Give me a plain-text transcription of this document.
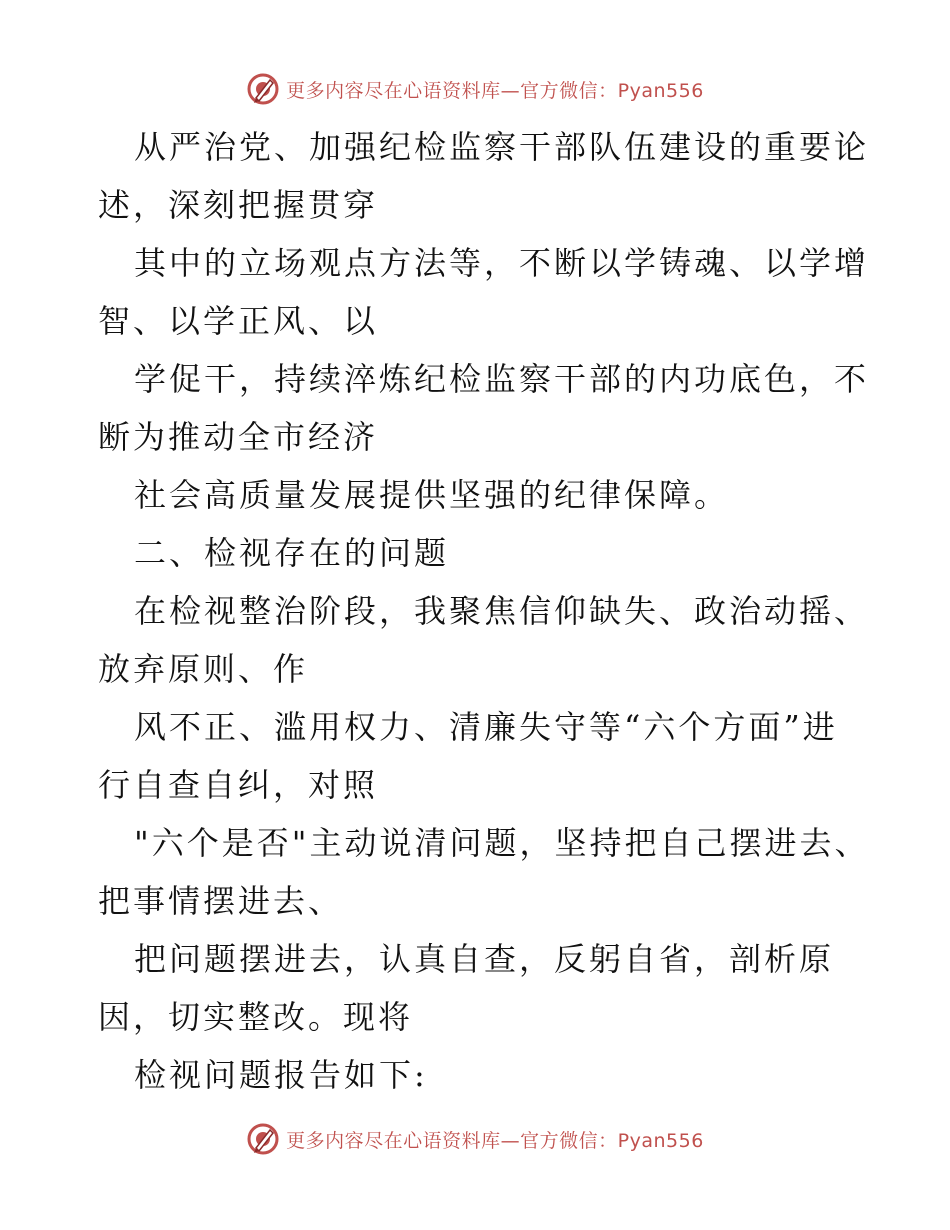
更多内容尽在心语资料库—官方微信：Pyan556
从严治党、加强纪检监察干部队伍建设的重要论
述，深刻把握贯穿
其中的立场观点方法等，不断以学铸魂、以学增
智、以学正风、以
学促干，持续淬炼纪检监察干部的内功底色，不
断为推动全市经济
社会高质量发展提供坚强的纪律保障。
二、检视存在的问题
在检视整治阶段，我聚焦信仰缺失、政治动摇、
放弃原则、作
风不正、滥用权力、清廉失守等“六个方面”进
行自查自纠，对照
"六个是否"主动说清问题，坚持把自己摆进去、
把事情摆进去、
把问题摆进去，认真自查，反躬自省，剖析原
因，切实整改。现将
检视问题报告如下:
更多内容尽在心语资料库—官方微信：Pyan556
